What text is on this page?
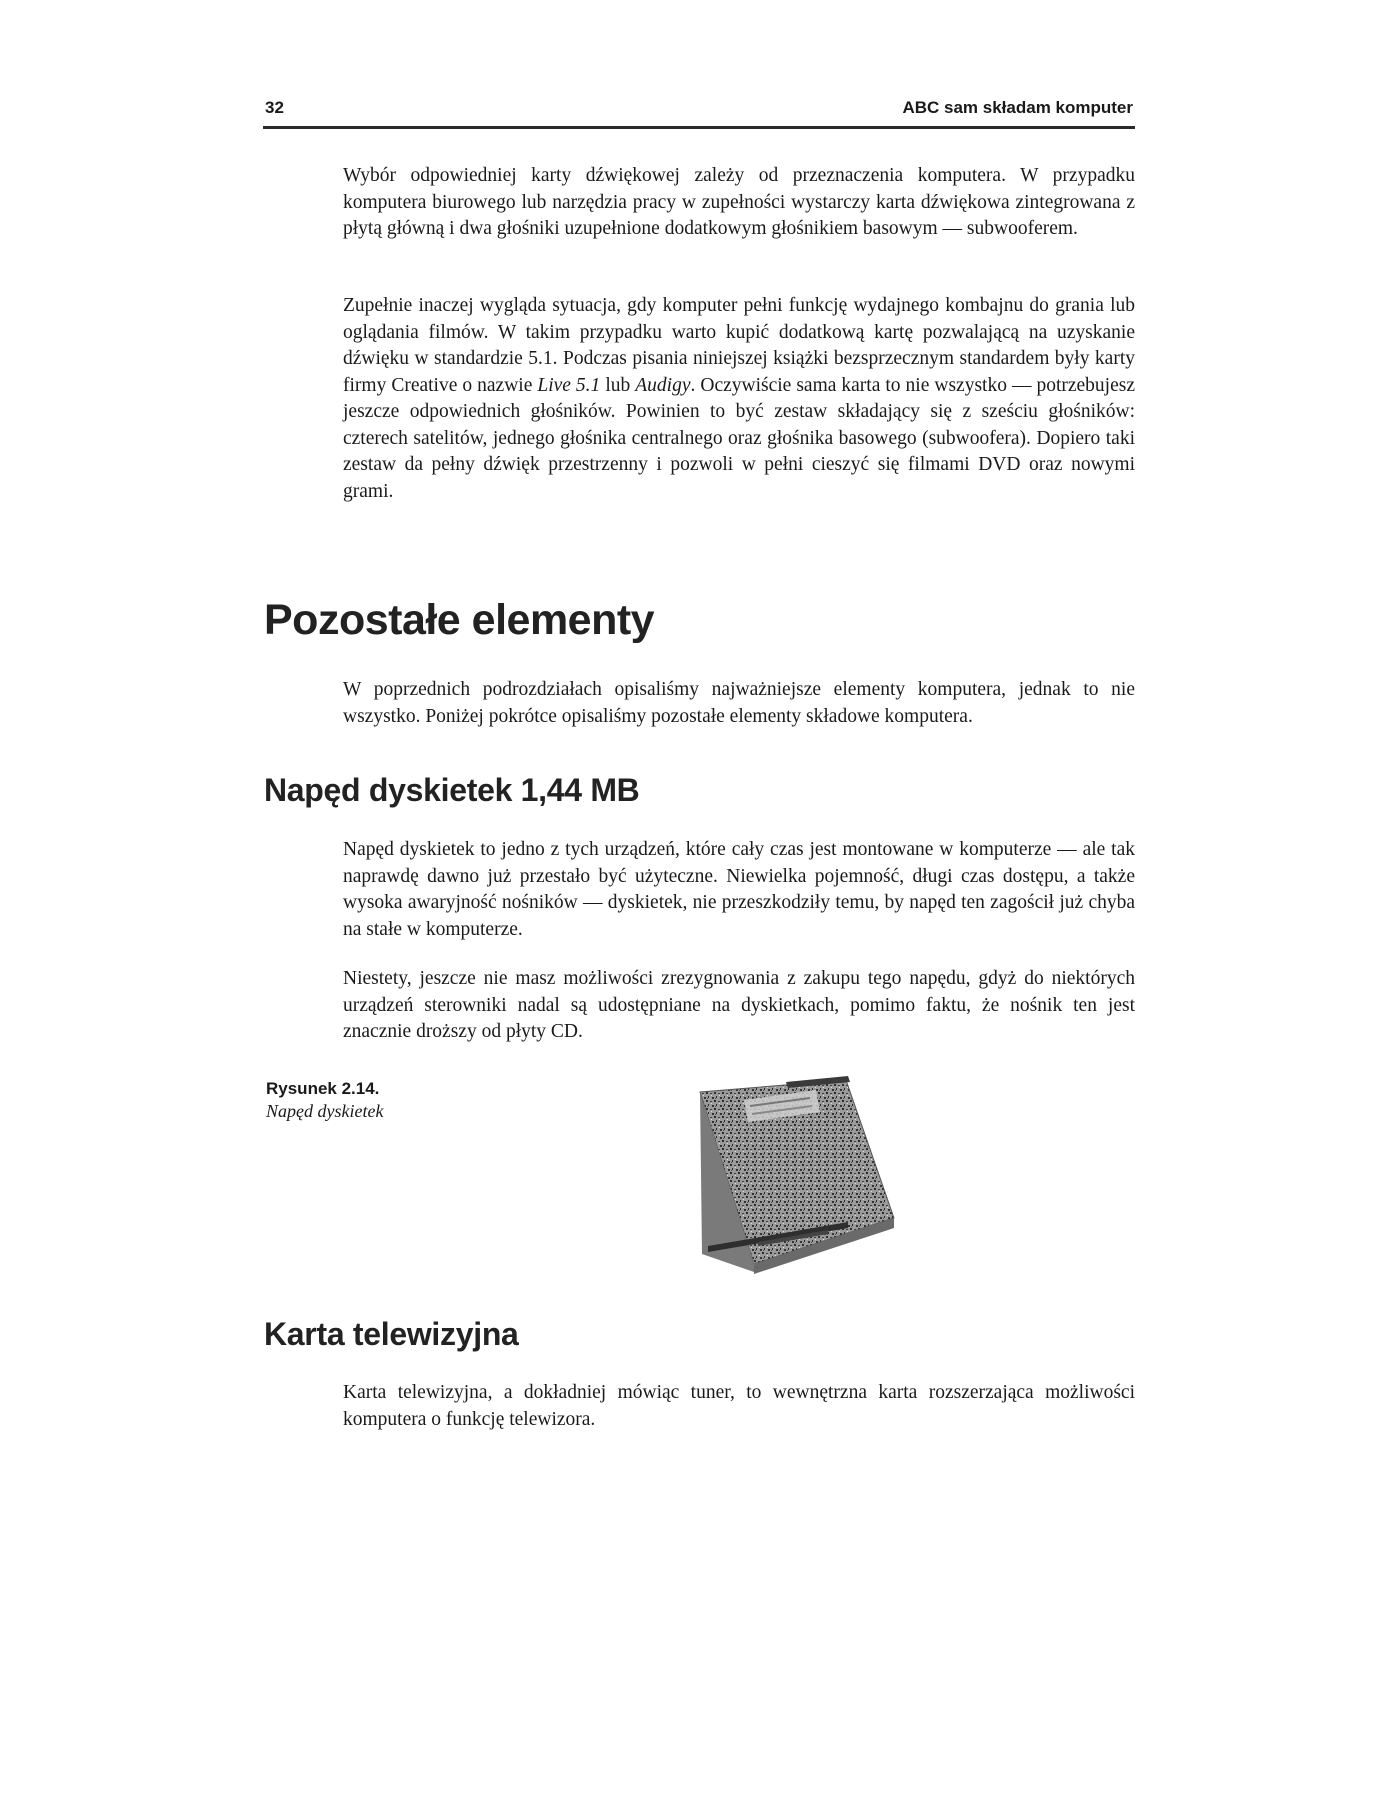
32	ABC sam składam komputer

Wybór odpowiedniej karty dźwiękowej zależy od przeznaczenia komputera. W przypadku komputera biurowego lub narzędzia pracy w zupełności wystarczy karta dźwiękowa zintegrowana z płytą główną i dwa głośniki uzupełnione dodatkowym głośnikiem basowym — subwooferem.

Zupełnie inaczej wygląda sytuacja, gdy komputer pełni funkcję wydajnego kombajnu do grania lub oglądania filmów. W takim przypadku warto kupić dodatkową kartę pozwalającą na uzyskanie dźwięku w standardzie 5.1. Podczas pisania niniejszej książki bezsprzecznym standardem były karty firmy Creative o nazwie Live 5.1 lub Audigy. Oczywiście sama karta to nie wszystko — potrzebujesz jeszcze odpowiednich głośników. Powinien to być zestaw składający się z sześciu głośników: czterech satelitów, jednego głośnika centralnego oraz głośnika basowego (subwoofera). Dopiero taki zestaw da pełny dźwięk przestrzenny i pozwoli w pełni cieszyć się filmami DVD oraz nowymi grami.

Pozostałe elementy

W poprzednich podrozdziałach opisaliśmy najważniejsze elementy komputera, jednak to nie wszystko. Poniżej pokrótce opisaliśmy pozostałe elementy składowe komputera.

Napęd dyskietek 1,44 MB

Napęd dyskietek to jedno z tych urządzeń, które cały czas jest montowane w komputerze — ale tak naprawdę dawno już przestało być użyteczne. Niewielka pojemność, długi czas dostępu, a także wysoka awaryjność nośników — dyskietek, nie przeszkodziły temu, by napęd ten zagościł już chyba na stałe w komputerze.

Niestety, jeszcze nie masz możliwości zrezygnowania z zakupu tego napędu, gdyż do niektórych urządzeń sterowniki nadal są udostępniane na dyskietkach, pomimo faktu, że nośnik ten jest znacznie droższy od płyty CD.

Rysunek 2.14.
Napęd dyskietek
Karta telewizyjna

Karta telewizyjna, a dokładniej mówiąc tuner, to wewnętrzna karta rozszerzająca możliwości komputera o funkcję telewizora.
